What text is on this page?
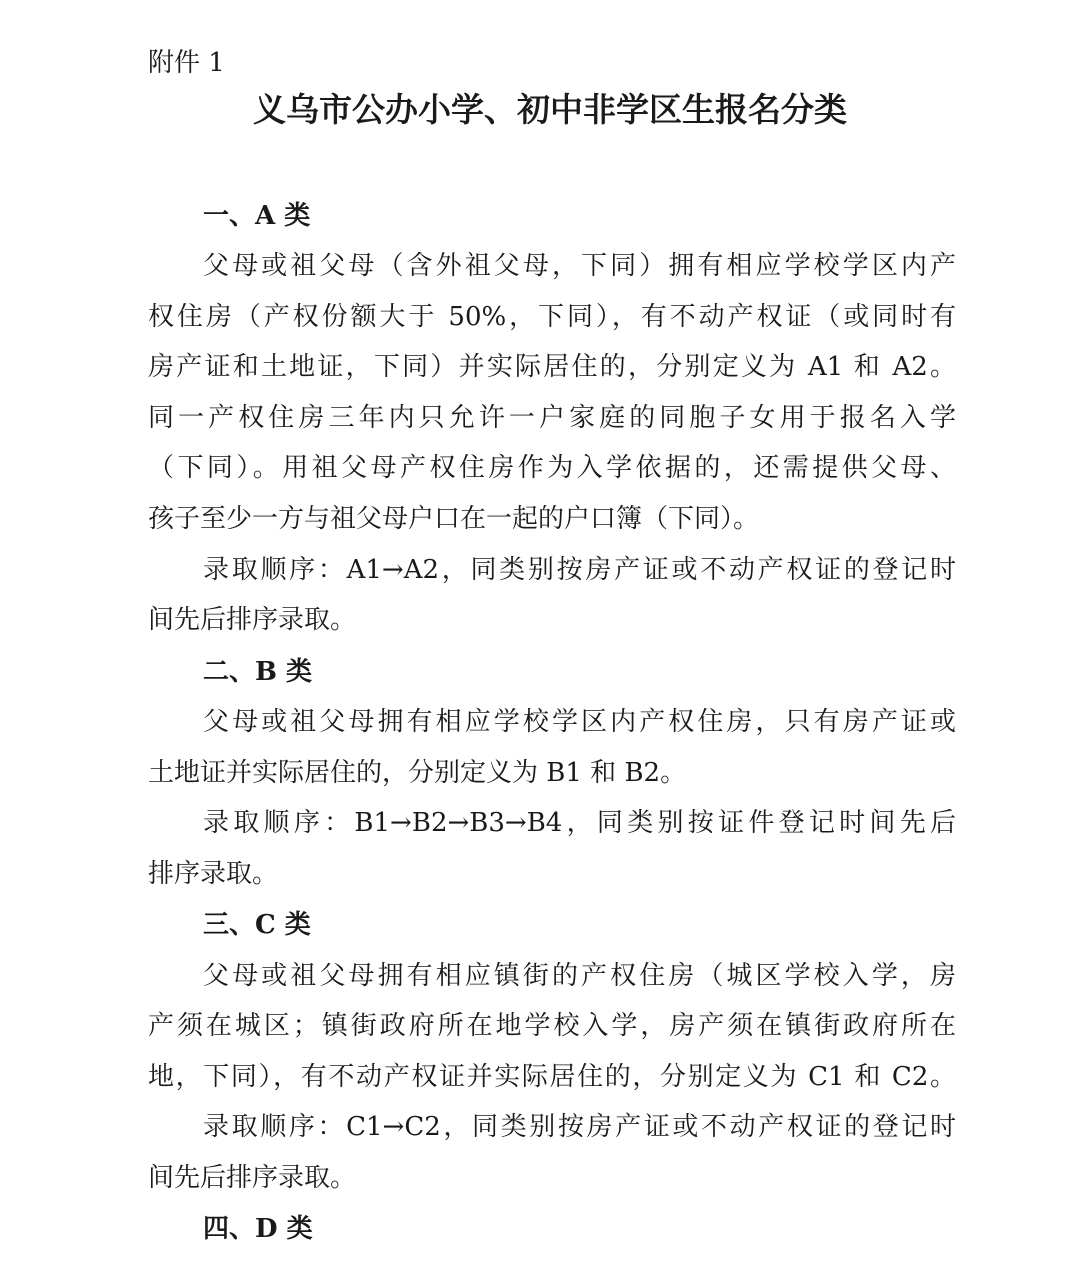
附件 1
义乌市公办小学、初中非学区生报名分类
一、A 类
父母或祖父母（含外祖父母，下同）拥有相应学校学区内产
权住房（产权份额大于 50%，下同），有不动产权证（或同时有
房产证和土地证，下同）并实际居住的，分别定义为 A1 和 A2。
同一产权住房三年内只允许一户家庭的同胞子女用于报名入学
（下同）。用祖父母产权住房作为入学依据的，还需提供父母、
孩子至少一方与祖父母户口在一起的户口簿（下同）。
录取顺序：A1→A2，同类别按房产证或不动产权证的登记时
间先后排序录取。
二、B 类
父母或祖父母拥有相应学校学区内产权住房，只有房产证或
土地证并实际居住的，分别定义为 B1 和 B2。
录取顺序：B1→B2→B3→B4，同类别按证件登记时间先后
排序录取。
三、C 类
父母或祖父母拥有相应镇街的产权住房（城区学校入学，房
产须在城区；镇街政府所在地学校入学，房产须在镇街政府所在
地，下同），有不动产权证并实际居住的，分别定义为 C1 和 C2。
录取顺序：C1→C2，同类别按房产证或不动产权证的登记时
间先后排序录取。
四、D 类
